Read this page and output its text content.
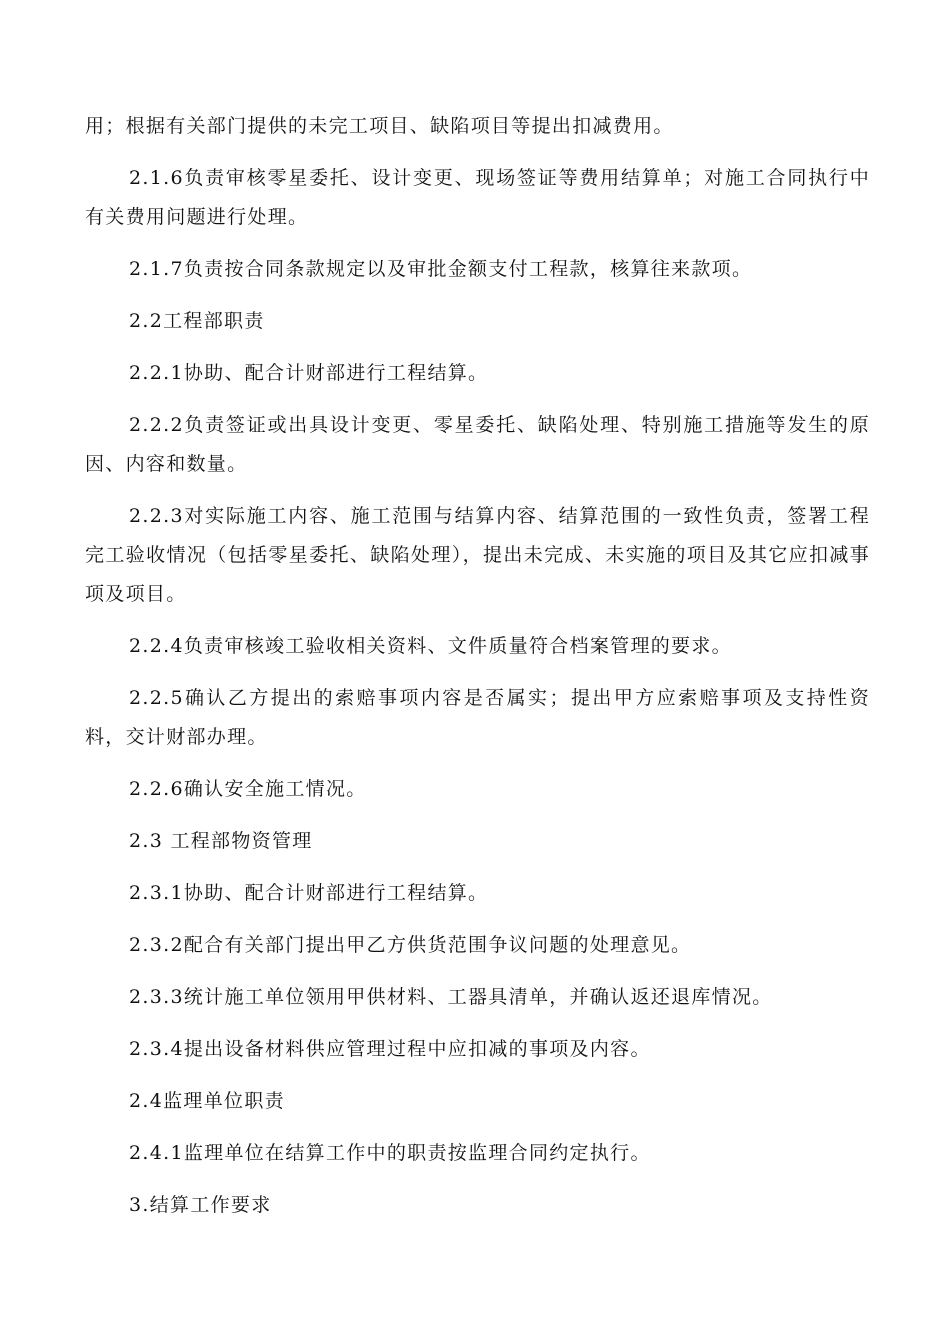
用；根据有关部门提供的未完工项目、缺陷项目等提出扣减费用。

2.1.6负责审核零星委托、设计变更、现场签证等费用结算单；对施工合同执行中有关费用问题进行处理。

2.1.7负责按合同条款规定以及审批金额支付工程款，核算往来款项。

2.2工程部职责

2.2.1协助、配合计财部进行工程结算。

2.2.2负责签证或出具设计变更、零星委托、缺陷处理、特别施工措施等发生的原因、内容和数量。

2.2.3对实际施工内容、施工范围与结算内容、结算范围的一致性负责，签署工程完工验收情况（包括零星委托、缺陷处理），提出未完成、未实施的项目及其它应扣减事项及项目。

2.2.4负责审核竣工验收相关资料、文件质量符合档案管理的要求。

2.2.5确认乙方提出的索赔事项内容是否属实；提出甲方应索赔事项及支持性资料，交计财部办理。

2.2.6确认安全施工情况。

2.3 工程部物资管理

2.3.1协助、配合计财部进行工程结算。

2.3.2配合有关部门提出甲乙方供货范围争议问题的处理意见。

2.3.3统计施工单位领用甲供材料、工器具清单，并确认返还退库情况。

2.3.4提出设备材料供应管理过程中应扣减的事项及内容。

2.4监理单位职责

2.4.1监理单位在结算工作中的职责按监理合同约定执行。

3.结算工作要求
